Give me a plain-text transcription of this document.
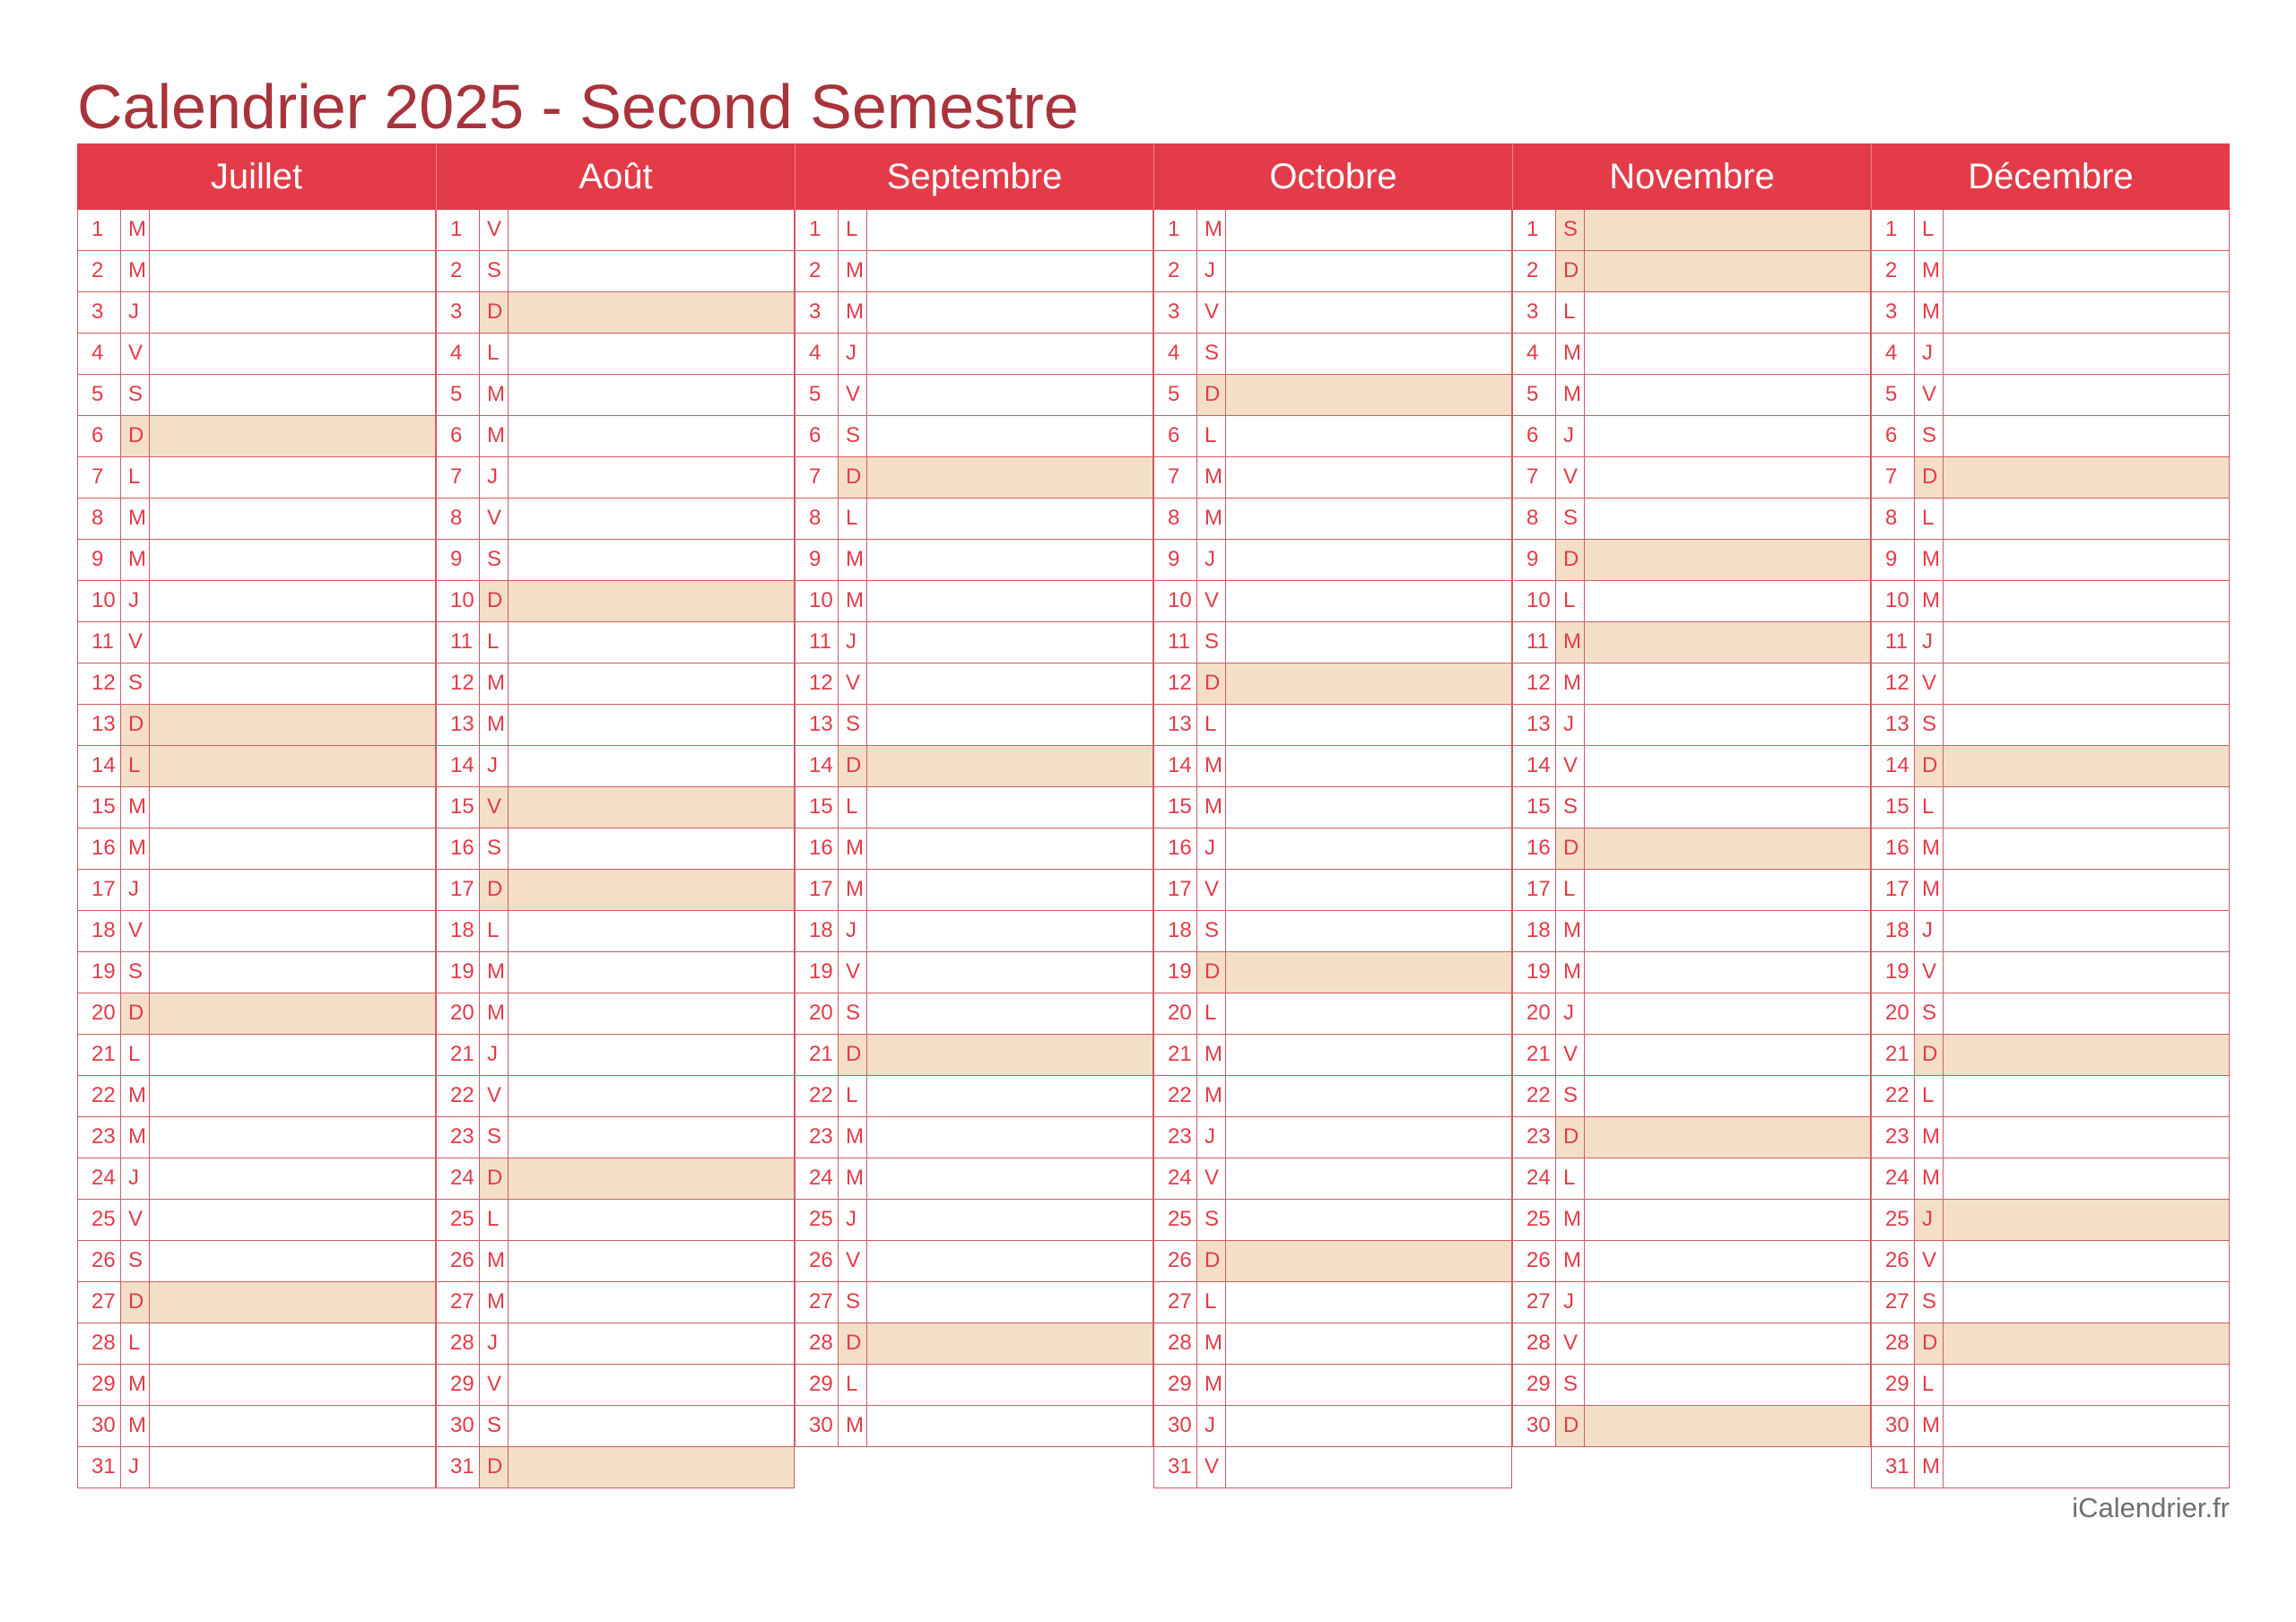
Calendrier 2025 - Second Semestre
Juillet
1	M
2	M
3	J
4	V
5	S
6	D
7	L
8	M
9	M
10 J
11 V
12 S
13 D
14 L
15 M
16 M
17 J
18 V
19 S
20 D
21 L
22 M
23 M
24 J
25 V
26 S
27 D
28 L
29 M
30 M
31 J
Août
1	V
2	S
3	D
4	L
5	M
6	M
7	J
8	V
9	S
10 D
11 L
12 M
13 M
14 J
15 V
16 S
17 D
18 L
19 M
20 M
21 J
22 V
23 S
24 D
25 L
26 M
27 M
28 J
29 V
30 S
31 D
Septembre
1	L
2	M
3	M
4	J
5	V
6	S
7	D
8	L
9	M
10 M
11 J
12 V
13 S
14 D
15 L
16 M
17 M
18 J
19 V
20 S
21 D
22 L
23 M
24 M
25 J
26 V
27 S
28 D
29 L
30 M
Octobre
1	M
2	J
3	V
4	S
5	D
6	L
7	M
8	M
9	J
10 V
11 S
12 D
13 L
14 M
15 M
16 J
17 V
18 S
19 D
20 L
21 M
22 M
23 J
24 V
25 S
26 D
27 L
28 M
29 M
30 J
31 V
Novembre
1	S
2	D
3	L
4	M
5	M
6	J
7	V
8	S
9	D
10 L
11 M
12 M
13 J
14 V
15 S
16 D
17 L
18 M
19 M
20 J
21 V
22 S
23 D
24 L
25 M
26 M
27 J
28 V
29 S
30 D
Décembre
1	L
2	M
3	M
4	J
5	V
6	S
7	D
8	L
9	M
10 M
11 J
12 V
13 S
14 D
15 L
16 M
17 M
18 J
19 V
20 S
21 D
22 L
23 M
24 M
25 J
26 V
27 S
28 D
29 L
30 M
31 M
iCalendrier.fr
